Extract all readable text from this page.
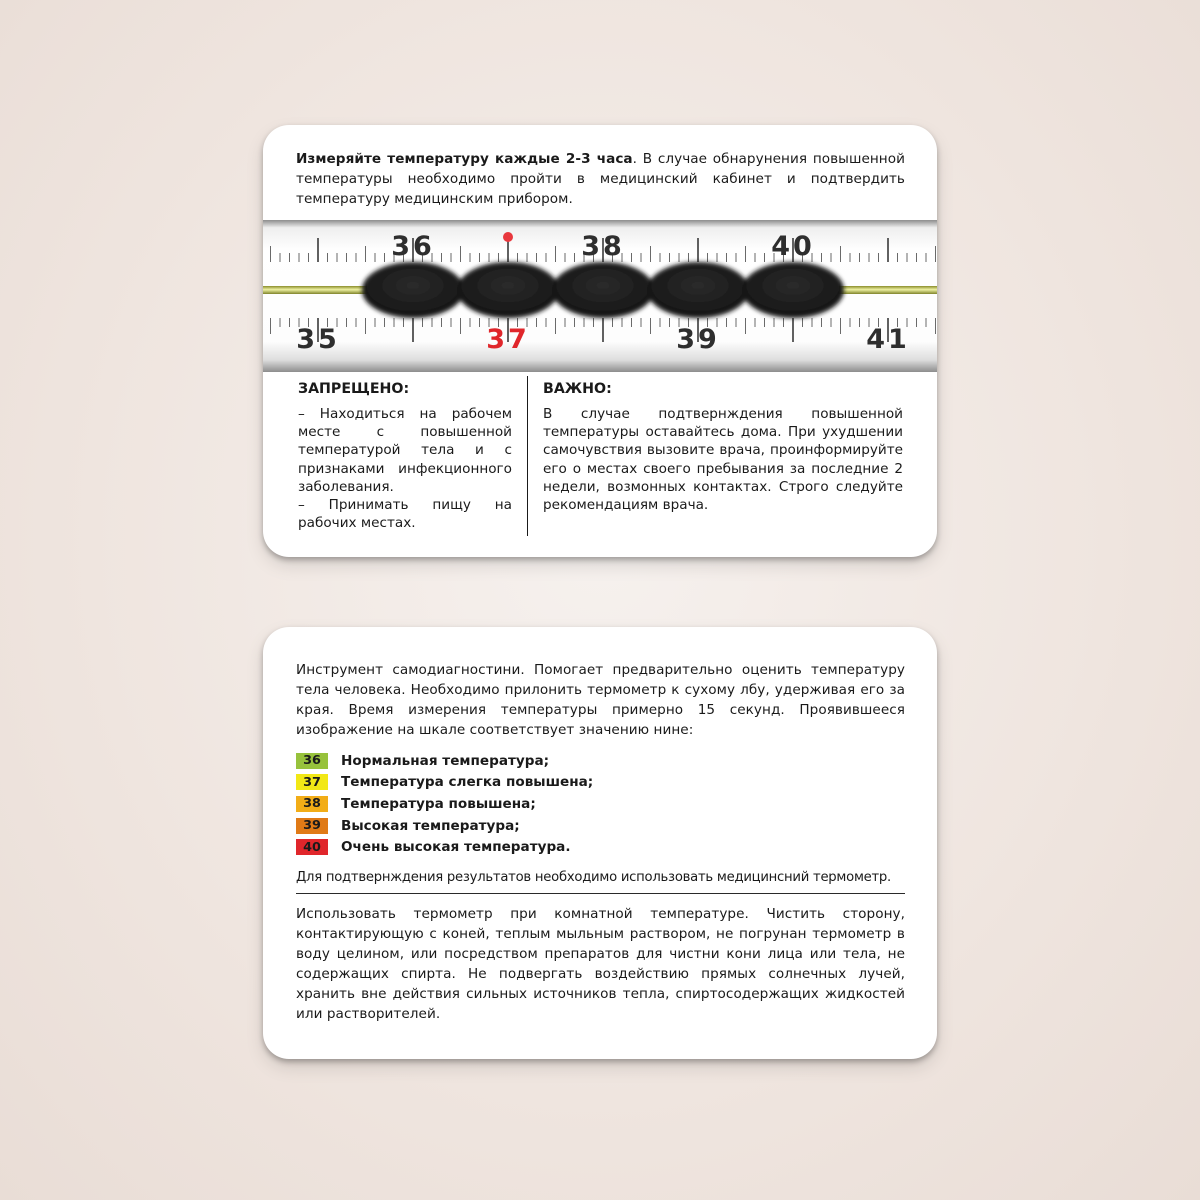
Измеряйте температуру каждые 2-3 часа. В случае обнарунения повышенной температуры необходимо пройти в медицинский кабинет и подтвердить температуру медицинским прибором.

36	38	40
35	37	39	41

ЗАПРЕЩЕНО:

– Находиться на рабочем месте с повышенной температурой тела и с признаками инфекционного заболевания.
– Принимать пищу на рабочих местах.

ВАЖНО:

В случае подтвернждения повышенной температуры оставайтесь дома. При ухудшении самочувствия вызовите врача, проинформируйте его о местах своего пребывания за последние 2 недели, возмонных контактах. Строго следуйте рекомендациям врача.

Инструмент самодиагностини. Помогает предварительно оценить температуру тела человека. Необходимо прилонить термометр к сухому лбу, удерживая его за края. Время измерения температуры примерно 15 секунд. Проявившееся изображение на шкале соответствует значению нине:

36	Нормальная температура;
37	Температура слегка повышена;
38	Температура повышена;
39	Высокая температура;
40	Очень высокая температура.

Для подтвернждения результатов необходимо использовать медицинсний термометр.

Использовать термометр при комнатной температуре. Чистить сторону, контактирующую с коней, теплым мыльным раствором, не погрунан термометр в воду целином, или посредством препаратов для чистни кони лица или тела, не содержащих спирта. Не подвергать воздействию прямых солнечных лучей, хранить вне действия сильных источников тепла, спиртосодержащих жидкостей или растворителей.
